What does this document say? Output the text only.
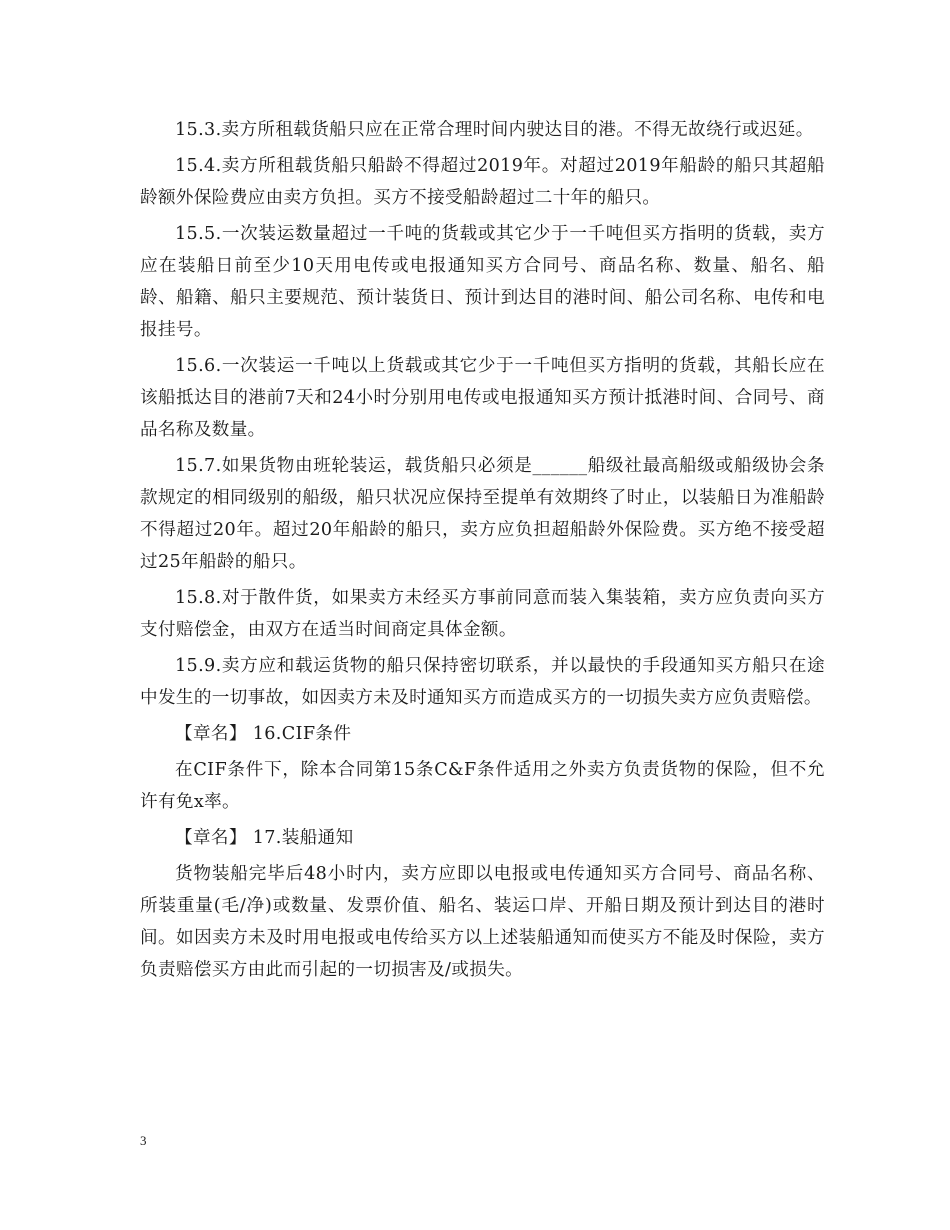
15.3.卖方所租载货船只应在正常合理时间内驶达目的港。不得无故绕行或迟延。

15.4.卖方所租载货船只船龄不得超过2019年。对超过2019年船龄的船只其超船龄额外保险费应由卖方负担。买方不接受船龄超过二十年的船只。

15.5.一次装运数量超过一千吨的货载或其它少于一千吨但买方指明的货载，卖方应在装船日前至少10天用电传或电报通知买方合同号、商品名称、数量、船名、船龄、船籍、船只主要规范、预计装货日、预计到达目的港时间、船公司名称、电传和电报挂号。

15.6.一次装运一千吨以上货载或其它少于一千吨但买方指明的货载，其船长应在该船抵达目的港前7天和24小时分别用电传或电报通知买方预计抵港时间、合同号、商品名称及数量。

15.7.如果货物由班轮装运，载货船只必须是______船级社最高船级或船级协会条款规定的相同级别的船级，船只状况应保持至提单有效期终了时止，以装船日为准船龄不得超过20年。超过20年船龄的船只，卖方应负担超船龄外保险费。买方绝不接受超过25年船龄的船只。

15.8.对于散件货，如果卖方未经买方事前同意而装入集装箱，卖方应负责向买方支付赔偿金，由双方在适当时间商定具体金额。

15.9.卖方应和载运货物的船只保持密切联系，并以最快的手段通知买方船只在途中发生的一切事故，如因卖方未及时通知买方而造成买方的一切损失卖方应负责赔偿。

【章名】 16.CIF条件

在CIF条件下，除本合同第15条C&F条件适用之外卖方负责货物的保险，但不允许有免x率。

【章名】 17.装船通知

货物装船完毕后48小时内，卖方应即以电报或电传通知买方合同号、商品名称、所装重量(毛/净)或数量、发票价值、船名、装运口岸、开船日期及预计到达目的港时间。如因卖方未及时用电报或电传给买方以上述装船通知而使买方不能及时保险，卖方负责赔偿买方由此而引起的一切损害及/或损失。

3
